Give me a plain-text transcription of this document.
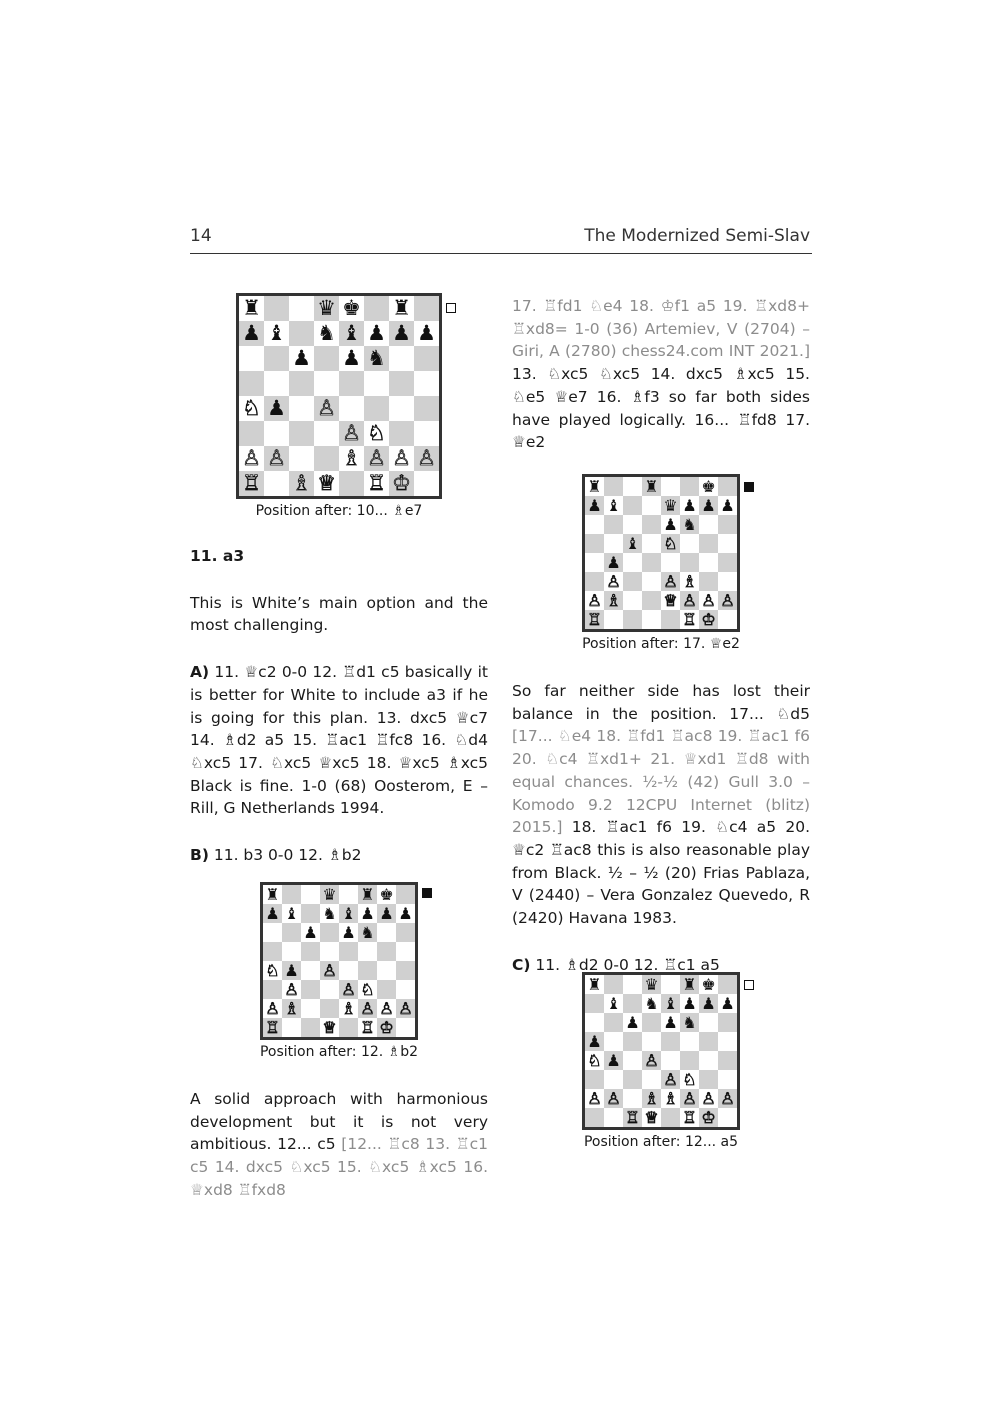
14	The Modernized Semi-Slav
♜	♛ ♚ ♜
♟ ♝ ♞ ♝ ♟ ♟ ♟
♟ ♟ ♞
♘ ♟ ♙
♙ ♘
♙ ♙	♗ ♙ ♙ ♙
♖ ♗ ♕ ♖ ♔
Position after: 10... ♗e7

11. a3

This is White’s main option and the most challenging.

A) 11. ♕c2 0-0 12. ♖d1 c5 basically it is better for White to include a3 if he is going for this plan. 13. dxc5 ♕c7 14. ♗d2 a5 15. ♖ac1 ♖fc8 16. ♘d4 ♘xc5 17. ♘xc5 ♕xc5 18. ♕xc5 ♗xc5 Black is fine. 1-0 (68) Oosterom, E – Rill, G Netherlands 1994.

B) 11. b3 0-0 12. ♗b2

♜	♛ ♜ ♚
♟ ♝ ♞ ♝ ♟ ♟ ♟
♟ ♟ ♞
♘ ♟ ♙
♙	♙ ♘
♙ ♗	♗ ♙ ♙ ♙
♖	♕ ♖ ♔
Position after: 12. ♗b2

A solid approach with harmonious development but it is not very ambitious. 12... c5 [12... ♖c8 13. ♖c1 c5 14. dxc5 ♘xc5 15. ♘xc5 ♗xc5 16. ♕xd8 ♖fxd8

17. ♖fd1 ♘e4 18. ♔f1 a5 19. ♖xd8+ ♖xd8= 1-0 (36) Artemiev, V (2704) – Giri, A (2780) chess24.com INT 2021.] 13. ♘xc5 ♘xc5 14. dxc5 ♗xc5 15. ♘e5 ♕e7 16. ♗f3 so far both sides have played logically. 16... ♖fd8 17. ♕e2

♜	♜	♚
♟ ♝	♛ ♟ ♟ ♟
♟ ♞
♝ ♘
♟
♙	♙ ♗
♙ ♗	♕ ♙ ♙ ♙
♖	♖ ♔
Position after: 17. ♕e2

So far neither side has lost their balance in the position. 17... ♘d5 [17... ♘e4 18. ♖fd1 ♖ac8 19. ♖ac1 f6 20. ♘c4 ♖xd1+ 21. ♕xd1 ♖d8 with equal chances. ½-½ (42) Gull 3.0 – Komodo 9.2 12CPU Internet (blitz) 2015.] 18. ♖ac1 f6 19. ♘c4 a5 20. ♕c2 ♖ac8 this is also reasonable play from Black. ½ – ½ (20) Frias Pablaza, V (2440) – Vera Gonzalez Quevedo, R (2420) Havana 1983.

C) 11. ♗d2 0-0 12. ♖c1 a5

♜	♛ ♜ ♚
♝ ♞ ♝ ♟ ♟ ♟
♟ ♟ ♞
♟
♘ ♟ ♙
♙ ♘
♙ ♙ ♗ ♗ ♙ ♙ ♙
♖ ♕ ♖ ♔
Position after: 12... a5
